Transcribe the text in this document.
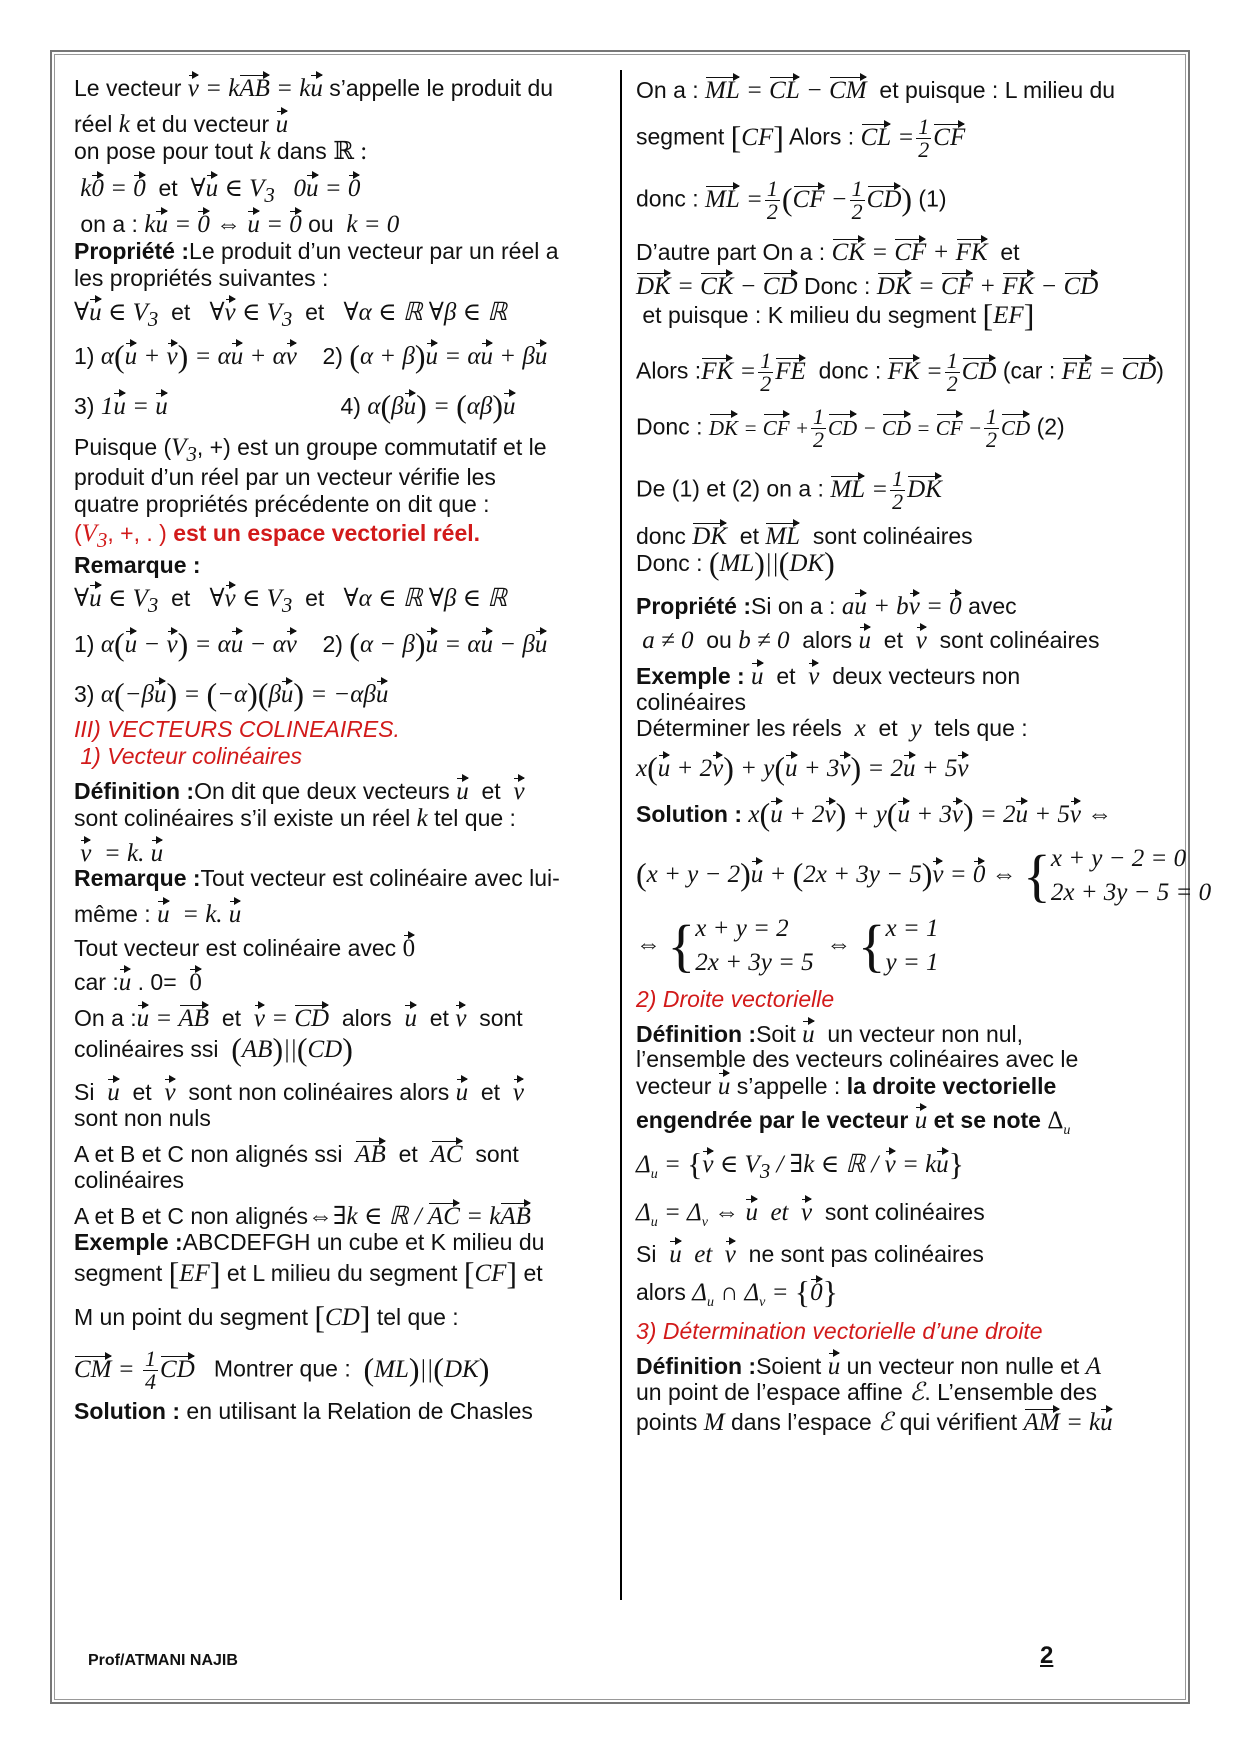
Le vecteur v = kAB = ku s’appelle le produit du
réel k et du vecteur u
on pose pour tout k dans ℝ :
k0 = 0 et ∀u ∈ $V_3$   0u = 0
on a : ku = 0 ⇔ u = 0 ou  k = 0
Propriété :Le produit d’un vecteur par un réel a
les propriétés suivantes :
∀u ∈ $V_3$ et ∀v ∈ $V_3$ et ∀α ∈ ℝ ∀β ∈ ℝ
1) α(u + v) = αu + αv 2) (α + β)u = αu + βu
3) 1u = u	4) α(βu) = (αβ)u
Puisque ($V_3$, +) est un groupe commutatif et le
produit d’un réel par un vecteur vérifie les
quatre propriétés précédente on dit que :
($V_3$, +, . ) est un espace vectoriel réel.
Remarque :
∀u ∈ $V_3$ et ∀v ∈ $V_3$ et ∀α ∈ ℝ ∀β ∈ ℝ
1) α(u − v) = αu − αv 2) (α − β)u = αu − βu
3) α(−βu) = (−α)(βu) = −αβu
III) VECTEURS COLINEAIRES.
1) Vecteur colinéaires
Définition :On dit que deux vecteurs u et v
sont colinéaires s’il existe un réel k tel que :
v  = k. u
Remarque :Tout vecteur est colinéaire avec lui-
même : u  = k. u
Tout vecteur est colinéaire avec 0
car :u . 0=  0
On a :u = AB et v = CD alors u et v sont
colinéaires ssi (AB)||(CD)
Si u et v sont non colinéaires alors u et v
sont non nuls
A et B et C non alignés ssi AB et AC sont
colinéaires
A et B et C non alignés⇔∃k ∈ ℝ / AC = kAB
Exemple :ABCDEFGH un cube et K milieu du
segment [EF] et L milieu du segment [CF] et
M un point du segment [CD] tel que :
CM = $\frac{1}{4}$ CD Montrer que : (ML)||(DK)
Solution : en utilisant la Relation de Chasles
On a : ML = CL − CM et puisque : L milieu du
segment [CF] Alors : CL = $\frac{1}{2}$ CF
donc : ML = $\frac{1}{2} (CF - \frac{1}{2} CD)$ (1)
D’autre part On a : CK = CF + FK et
DK = CK − CD Donc : DK = CF + FK − CD
et puisque : K milieu du segment [EF]
Alors :FK = $\frac{1}{2}$ FE donc : FK = $\frac{1}{2}$ CD (car : FE = CD)
Donc : DK = CF + $\frac{1}{2}$ CD − CD = CF − $\frac{1}{2}$ CD (2)
De (1) et (2) on a : ML = $\frac{1}{2}$ DK
donc DK et ML sont colinéaires
Donc : (ML)||(DK)
Propriété :Si on a : au + bv = 0 avec
a ≠ 0 ou b ≠ 0 alors u et v sont colinéaires
Exemple : u et v deux vecteurs non
colinéaires
Déterminer les réels x et y tels que :
x(u + 2v) + y(u + 3v) = 2u + 5v
Solution : x(u + 2v) + y(u + 3v) = 2u + 5v ⇔
(x + y − 2)u + (2x + 3y − 5)v = 0 ⇔ { x + y − 2 = 0
2x + 3y − 5 = 0
⇔ { x + y = 2
2x + 3y = 5
⇔ { x = 1
y = 1
2) Droite vectorielle
Définition :Soit u un vecteur non nul,
l’ensemble des vecteurs colinéaires avec le
vecteur u s’appelle : la droite vectorielle
engendrée par le vecteur u et se note $\Delta_u$
$\Delta_u = \{v$ ∈ $V_3$ / ∃k ∈ ℝ / v = ku}
$\Delta_u = \Delta_v$ ⇔ u  et  v sont colinéaires
Si  u  et  v ne sont pas colinéaires
alors $\Delta_u$ ∩ $\Delta_v = \{0\}$
3) Détermination vectorielle d’une droite
Définition :Soient u un vecteur non nulle et A
un point de l’espace affine ℰ. L’ensemble des
points M dans l’espace ℰ qui vérifient AM = ku
Prof/ATMANI NAJIB	2
